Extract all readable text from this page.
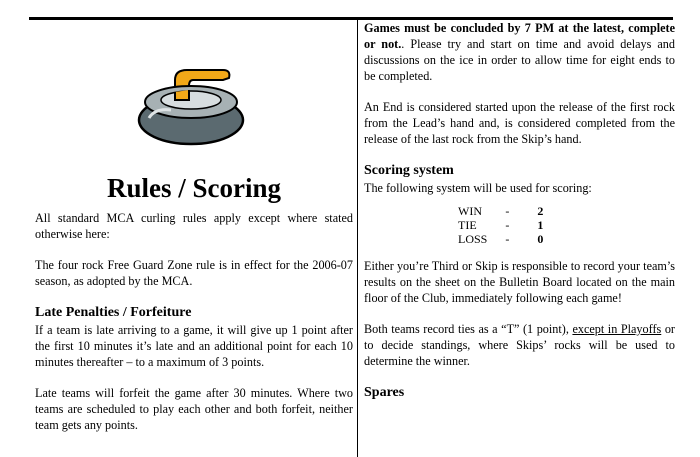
Rules / Scoring

All standard MCA curling rules apply except where stated otherwise here:

The four rock Free Guard Zone rule is in effect for the 2006-07 season, as adopted by the MCA.

Late Penalties / Forfeiture

If a team is late arriving to a game, it will give up 1 point after the first 10 minutes it’s late and an additional point for each 10 minutes thereafter – to a maximum of 3 points.

Late teams will forfeit the game after 30 minutes. Where two teams are scheduled to play each other and both forfeit, neither team gets any points.

Games must be concluded by 7 PM at the latest, complete or not.. Please try and start on time and avoid delays and discussions on the ice in order to allow time for eight ends to be completed.

An End is considered started upon the release of the first rock from the Lead’s hand and, is considered completed from the release of the last rock from the Skip’s hand.

Scoring system
The following system will be used for scoring:
WIN	-	2
TIE	-	1
LOSS	-	0

Either you’re Third or Skip is responsible to record your team’s results on the sheet on the Bulletin Board located on the main floor of the Club, immediately following each game!

Both teams record ties as a “T” (1 point), except in Playoffs or to decide standings, where Skips’ rocks will be used to determine the winner.

Spares
